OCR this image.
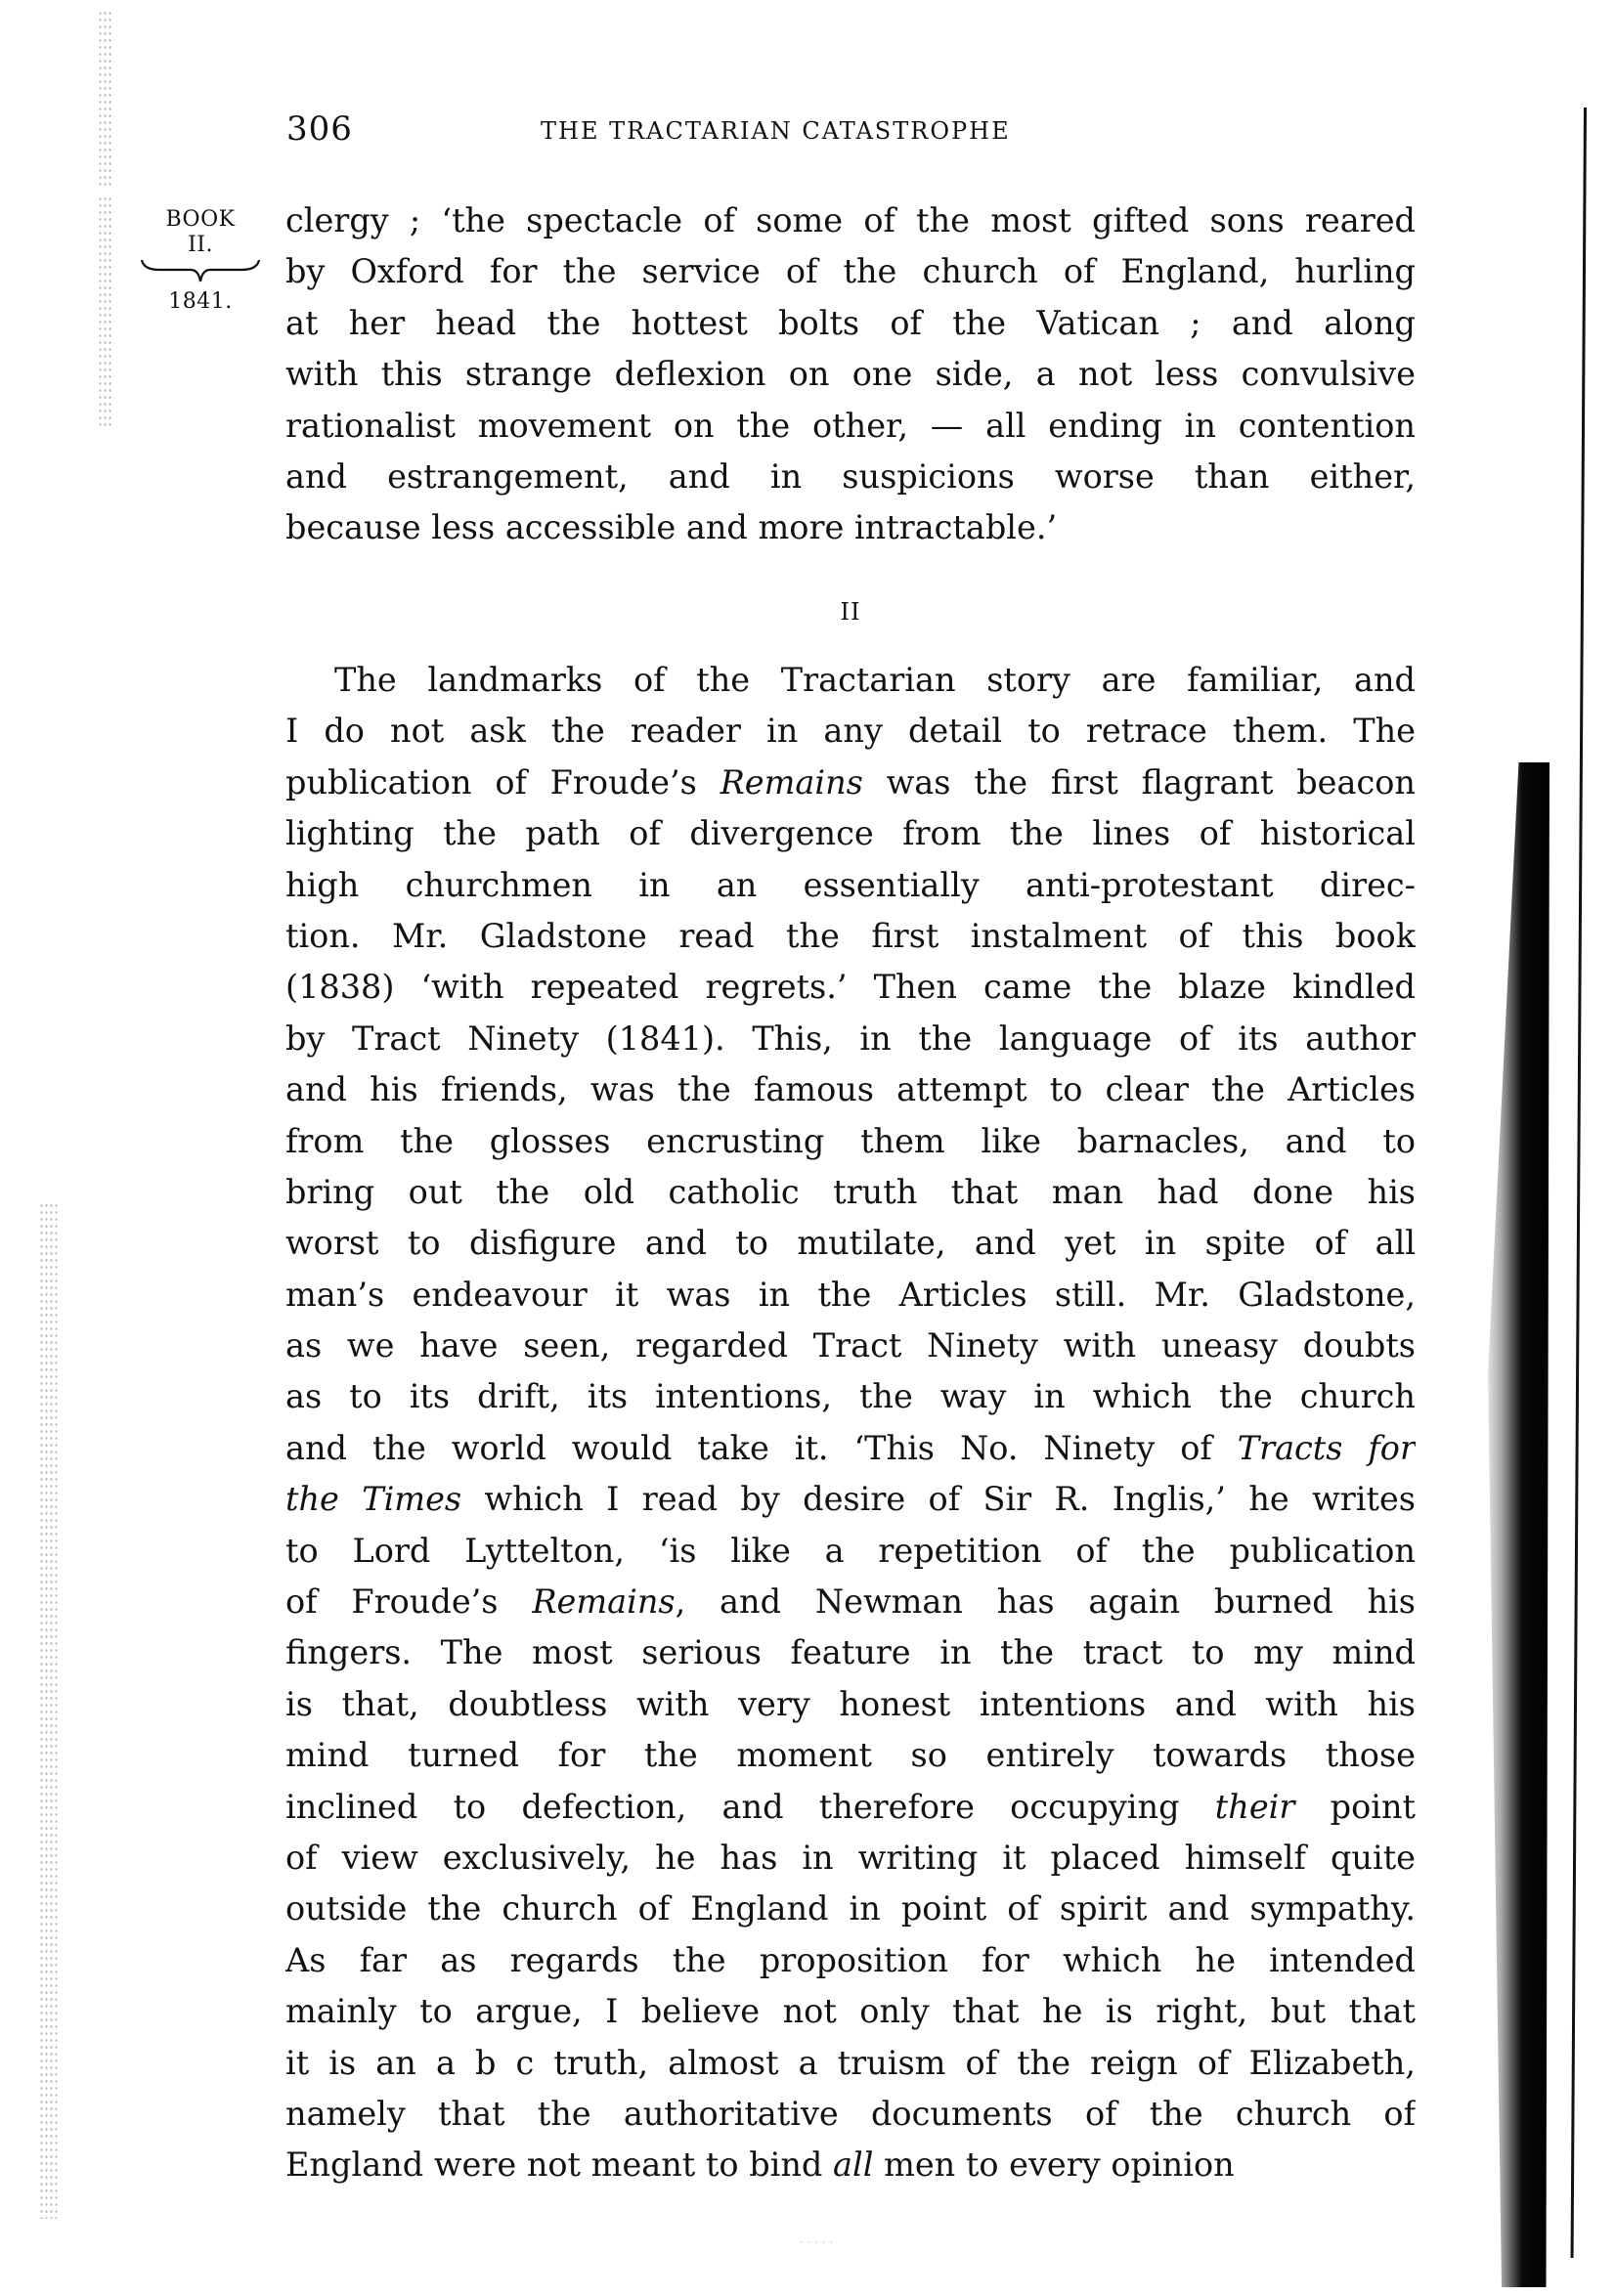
306	THE TRACTARIAN CATASTROPHE
BOOK
II.
1841.
clergy ; ‘the spectacle of some of the most gifted sons reared
by Oxford for the service of the church of England, hurling
at her head the hottest bolts of the Vatican ; and along
with this strange deflexion on one side, a not less convulsive
rationalist movement on the other, — all ending in contention
and estrangement, and in suspicions worse than either,
because less accessible and more intractable.’
II
The landmarks of the Tractarian story are familiar, and
I do not ask the reader in any detail to retrace them. The
publication of Froude’s Remains was the first flagrant beacon
lighting the path of divergence from the lines of historical
high churchmen in an essentially anti-protestant direc-
tion. Mr. Gladstone read the first instalment of this book
(1838) ‘with repeated regrets.’ Then came the blaze kindled
by Tract Ninety (1841). This, in the language of its author
and his friends, was the famous attempt to clear the Articles
from the glosses encrusting them like barnacles, and to
bring out the old catholic truth that man had done his
worst to disfigure and to mutilate, and yet in spite of all
man’s endeavour it was in the Articles still. Mr. Gladstone,
as we have seen, regarded Tract Ninety with uneasy doubts
as to its drift, its intentions, the way in which the church
and the world would take it. ‘This No. Ninety of Tracts for
the Times which I read by desire of Sir R. Inglis,’ he writes
to Lord Lyttelton, ‘is like a repetition of the publication
of Froude’s Remains, and Newman has again burned his
fingers. The most serious feature in the tract to my mind
is that, doubtless with very honest intentions and with his
mind turned for the moment so entirely towards those
inclined to defection, and therefore occupying their point
of view exclusively, he has in writing it placed himself quite
outside the church of England in point of spirit and sympathy.
As far as regards the proposition for which he intended
mainly to argue, I believe not only that he is right, but that
it is an a b c truth, almost a truism of the reign of Elizabeth,
namely that the authoritative documents of the church of
England were not meant to bind all men to every opinion
· · · · ·
